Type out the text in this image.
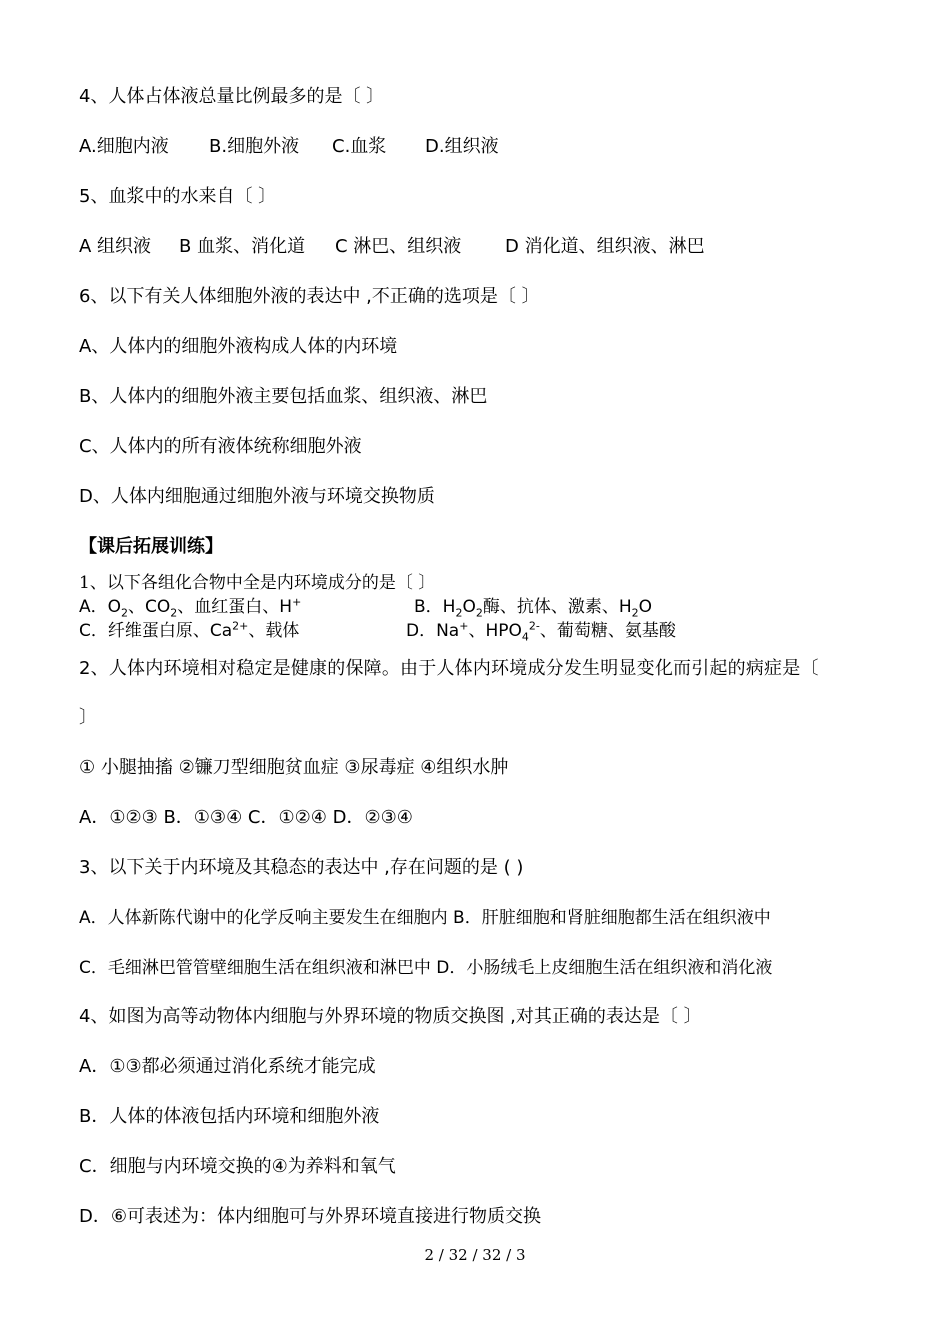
4、人体占体液总量比例最多的是〔 〕
A.细胞内液 B.细胞外液 C.血浆 D.组织液
5、血浆中的水来自〔 〕
A 组织液 B 血浆、消化道 C 淋巴、组织液 D 消化道、组织液、淋巴
6、以下有关人体细胞外液的表达中 ,不正确的选项是〔 〕
A、人体内的细胞外液构成人体的内环境
B、人体内的细胞外液主要包括血浆、组织液、淋巴
C、人体内的所有液体统称细胞外液
D、人体内细胞通过细胞外液与环境交换物质
【课后拓展训练】
1、以下各组化合物中全是内环境成分的是〔 〕
A．$O_2$、$CO_2$、血红蛋白、H+	B．$H_2O_2$酶、抗体、激素、$H_2O$
C．纤维蛋白原、$Ca^{2+}$、载体	D．Na+、$HPO_4^{2-}$、葡萄糖、氨基酸
2、人体内环境相对稳定是健康的保障。由于人体内环境成分发生明显变化而引起的病症是〔
〕
① 小腿抽搐 ②镰刀型细胞贫血症 ③尿毒症 ④组织水肿
A．①②③ B．①③④ C．①②④ D．②③④
3、以下关于内环境及其稳态的表达中 ,存在问题的是 ( )
A．人体新陈代谢中的化学反响主要发生在细胞内 B．肝脏细胞和肾脏细胞都生活在组织液中
C．毛细淋巴管管壁细胞生活在组织液和淋巴中 D．小肠绒毛上皮细胞生活在组织液和消化液
4、如图为高等动物体内细胞与外界环境的物质交换图 ,对其正确的表达是〔 〕
A．①③都必须通过消化系统才能完成
B．人体的体液包括内环境和细胞外液
C．细胞与内环境交换的④为养料和氧气
D．⑥可表述为：体内细胞可与外界环境直接进行物质交换
2 / 32 / 32 / 3
